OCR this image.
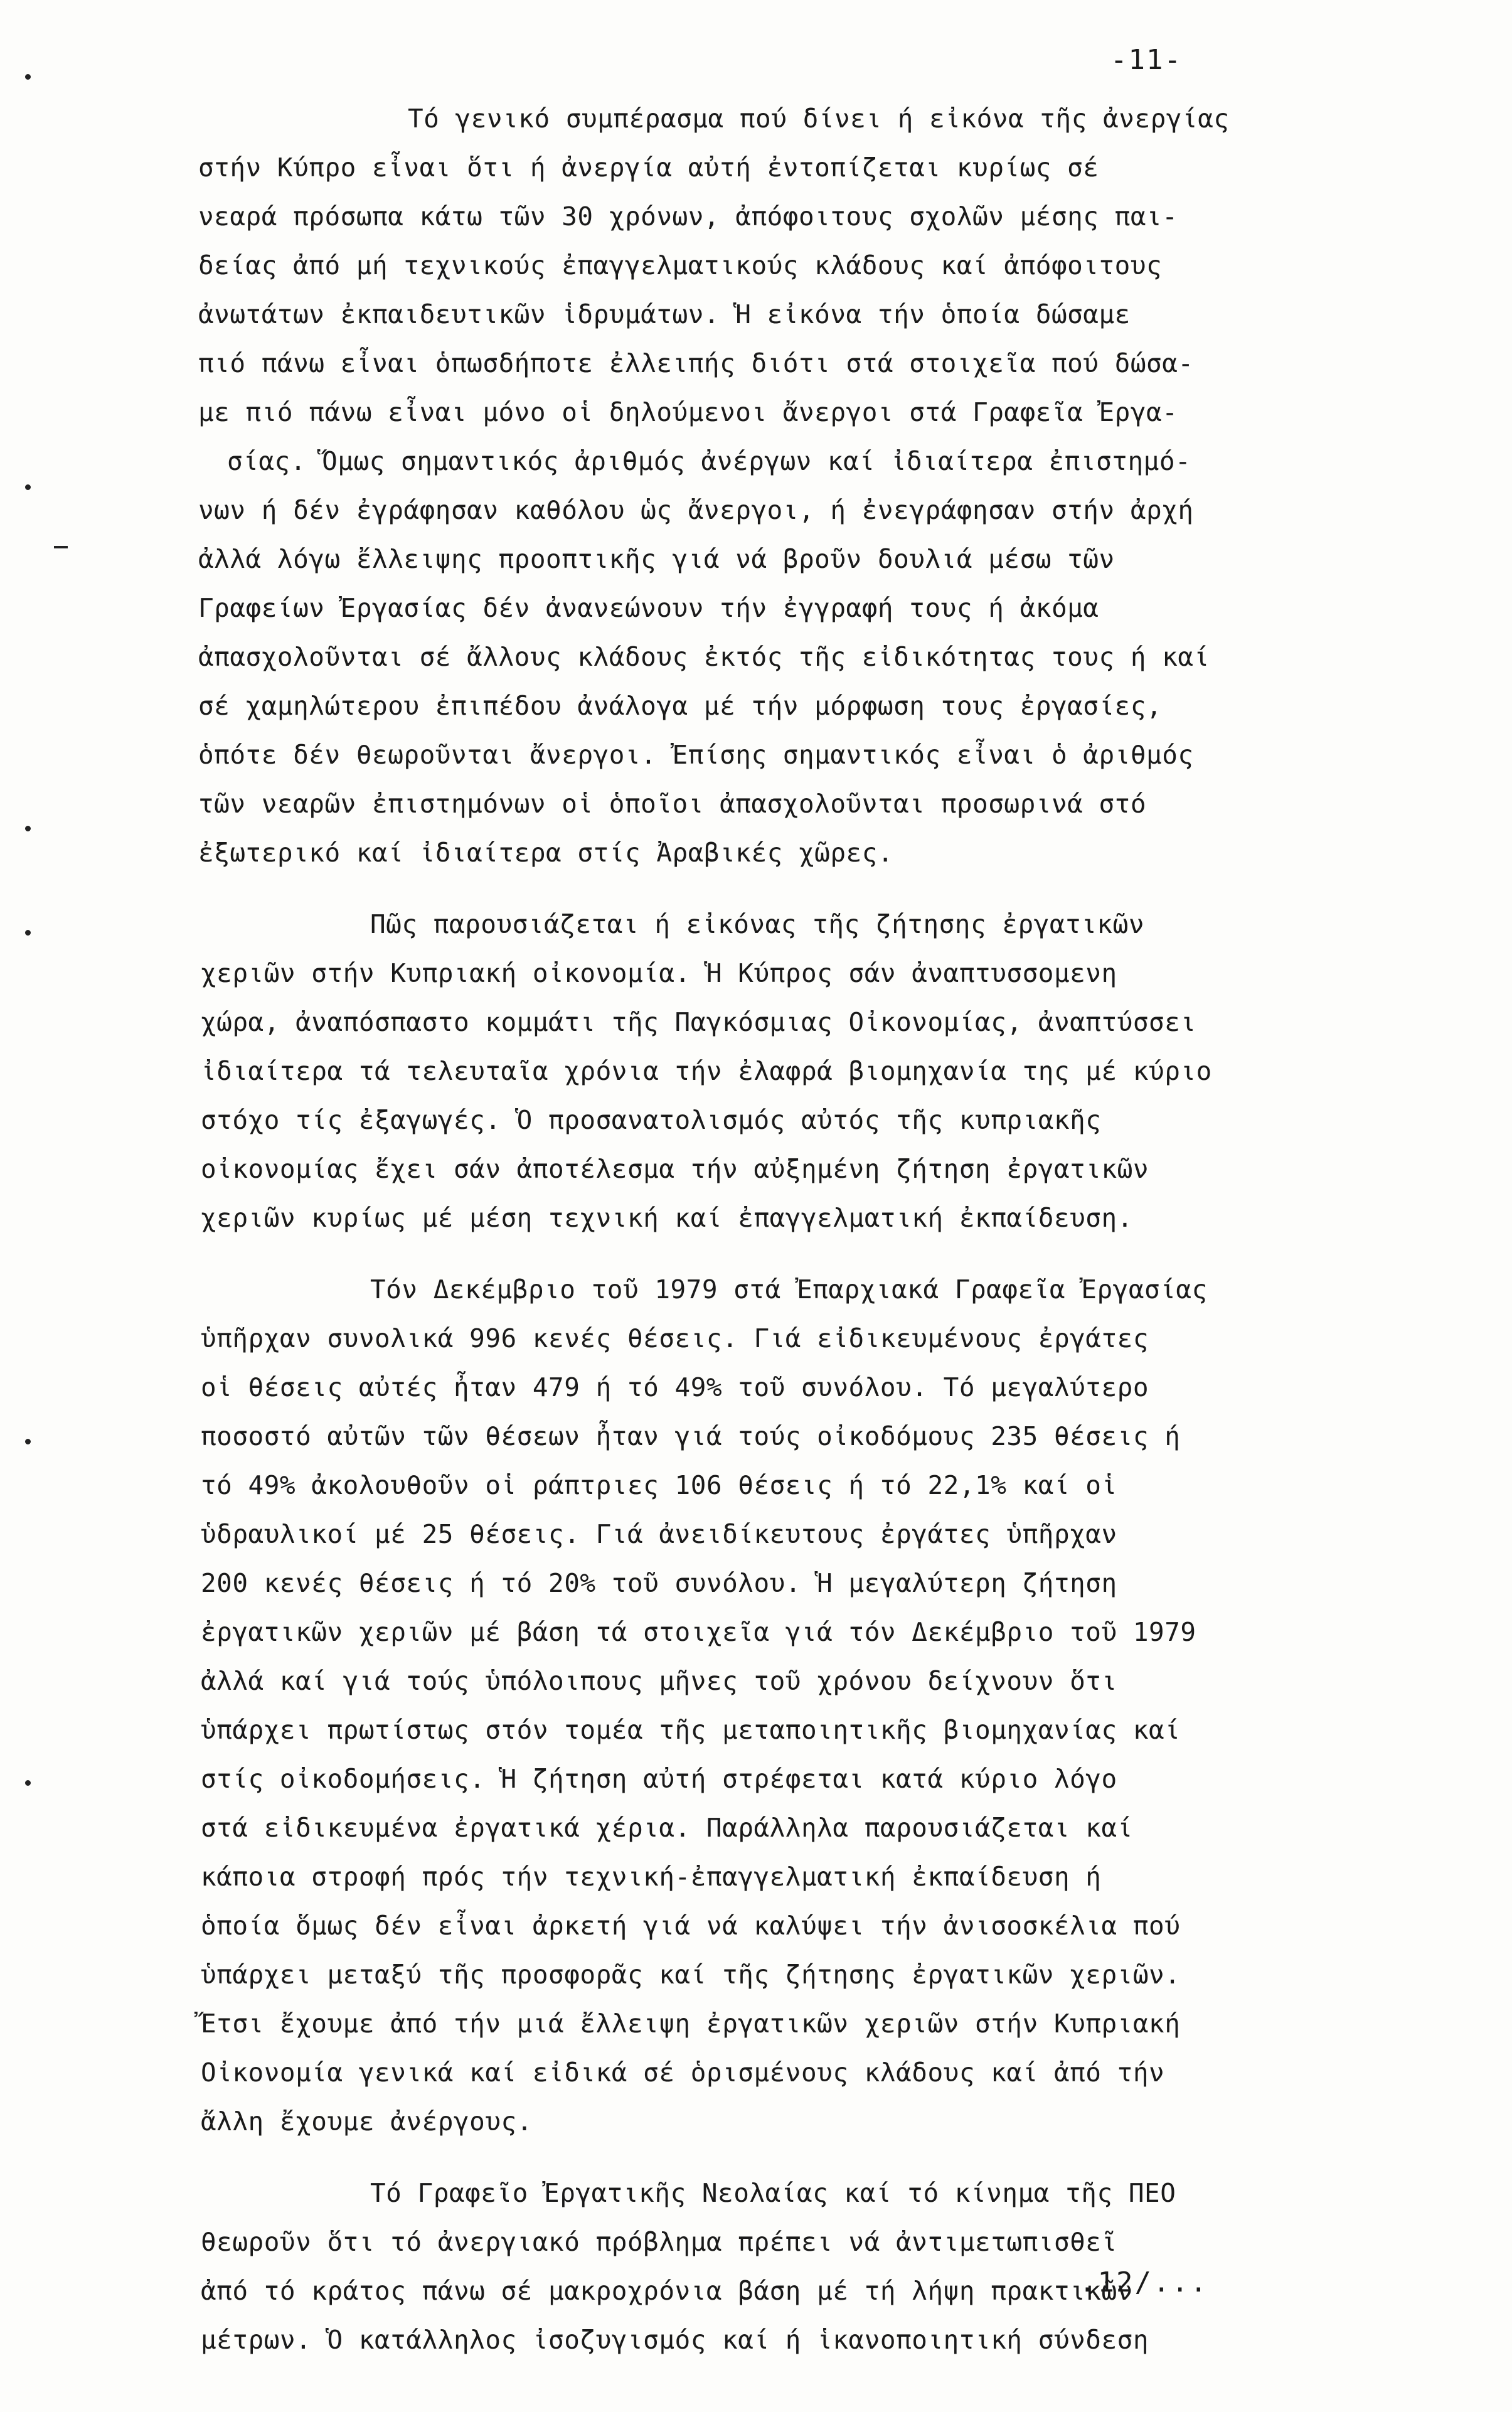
-11-
Τό γενικό συμπέρασμα πού δίνει ή εἰκόνα τῆς ἀνεργίας
στήν Κύπρο εἶναι ὅτι ή ἀνεργία αὐτή ἐντοπίζεται κυρίως σέ
νεαρά πρόσωπα κάτω τῶν 30 χρόνων, ἀπόφοιτους σχολῶν μέσης παι-
δείας ἀπό μή τεχνικούς ἐπαγγελματικούς κλάδους καί ἀπόφοιτους
ἀνωτάτων ἐκπαιδευτικῶν ἱδρυμάτων. Ἡ εἰκόνα τήν ὁποία δώσαμε
πιό πάνω εἶναι ὁπωσδήποτε ἐλλειπής διότι στά στοιχεῖα πού δώσα-
με πιό πάνω εἶναι μόνο οἱ δηλούμενοι ἄνεργοι στά Γραφεῖα Ἐργα-
σίας. Ὅμως σημαντικός ἀριθμός ἀνέργων καί ἰδιαίτερα ἐπιστημό-
νων ή δέν ἐγράφησαν καθόλου ὡς ἄνεργοι, ή ἐνεγράφησαν στήν ἀρχή
ἀλλά λόγω ἔλλειψης προοπτικῆς γιά νά βροῦν δουλιά μέσω τῶν
Γραφείων Ἐργασίας δέν ἀνανεώνουν τήν ἐγγραφή τους ή ἀκόμα
ἀπασχολοῦνται σέ ἄλλους κλάδους ἐκτός τῆς εἰδικότητας τους ή καί
σέ χαμηλώτερου ἐπιπέδου ἀνάλογα μέ τήν μόρφωση τους ἐργασίες,
ὁπότε δέν θεωροῦνται ἄνεργοι. Ἐπίσης σημαντικός εἶναι ὁ ἀριθμός
τῶν νεαρῶν ἐπιστημόνων οἱ ὁποῖοι ἀπασχολοῦνται προσωρινά στό
ἐξωτερικό καί ἰδιαίτερα στίς Ἀραβικές χῶρες.
Πῶς παρουσιάζεται ή εἰκόνας τῆς ζήτησης ἐργατικῶν
χεριῶν στήν Κυπριακή οἰκονομία. Ἡ Κύπρος σάν ἀναπτυσσομενη
χώρα, ἀναπόσπαστο κομμάτι τῆς Παγκόσμιας Οἰκονομίας, ἀναπτύσσει
ἰδιαίτερα τά τελευταῖα χρόνια τήν ἐλαφρά βιομηχανία της μέ κύριο
στόχο τίς ἐξαγωγές. Ὁ προσανατολισμός αὐτός τῆς κυπριακῆς
οἰκονομίας ἔχει σάν ἀποτέλεσμα τήν αὐξημένη ζήτηση ἐργατικῶν
χεριῶν κυρίως μέ μέση τεχνική καί ἐπαγγελματική ἐκπαίδευση.
Τόν Δεκέμβριο τοῦ 1979 στά Ἐπαρχιακά Γραφεῖα Ἐργασίας
ὑπῆρχαν συνολικά 996 κενές θέσεις. Γιά εἰδικευμένους ἐργάτες
οἱ θέσεις αὐτές ἦταν 479 ή τό 49% τοῦ συνόλου. Τό μεγαλύτερο
ποσοστό αὐτῶν τῶν θέσεων ἦταν γιά τούς οἰκοδόμους 235 θέσεις ή
τό 49% ἀκολουθοῦν οἱ ράπτριες 106 θέσεις ή τό 22,1% καί οἱ
ὑδραυλικοί μέ 25 θέσεις. Γιά ἀνειδίκευτους ἐργάτες ὑπῆρχαν
200 κενές θέσεις ή τό 20% τοῦ συνόλου. Ἡ μεγαλύτερη ζήτηση
ἐργατικῶν χεριῶν μέ βάση τά στοιχεῖα γιά τόν Δεκέμβριο τοῦ 1979
ἀλλά καί γιά τούς ὑπόλοιπους μῆνες τοῦ χρόνου δείχνουν ὅτι
ὑπάρχει πρωτίστως στόν τομέα τῆς μεταποιητικῆς βιομηχανίας καί
στίς οἰκοδομήσεις. Ἡ ζήτηση αὐτή στρέφεται κατά κύριο λόγο
στά εἰδικευμένα ἐργατικά χέρια. Παράλληλα παρουσιάζεται καί
κάποια στροφή πρός τήν τεχνική-ἐπαγγελματική ἐκπαίδευση ή
ὁποία ὅμως δέν εἶναι ἀρκετή γιά νά καλύψει τήν ἀνισοσκέλια πού
ὑπάρχει μεταξύ τῆς προσφορᾶς καί τῆς ζήτησης ἐργατικῶν χεριῶν.
Ἔτσι ἔχουμε ἀπό τήν μιά ἔλλειψη ἐργατικῶν χεριῶν στήν Κυπριακή
Οἰκονομία γενικά καί εἰδικά σέ ὁρισμένους κλάδους καί ἀπό τήν
ἄλλη ἔχουμε ἀνέργους.
Τό Γραφεῖο Ἐργατικῆς Νεολαίας καί τό κίνημα τῆς ΠΕΟ
θεωροῦν ὅτι τό ἀνεργιακό πρόβλημα πρέπει νά ἀντιμετωπισθεῖ
ἀπό τό κράτος πάνω σέ μακροχρόνια βάση μέ τή λήψη πρακτικῶν
μέτρων. Ὁ κατάλληλος ἰσοζυγισμός καί ή ἱκανοποιητική σύνδεση
.12/...
